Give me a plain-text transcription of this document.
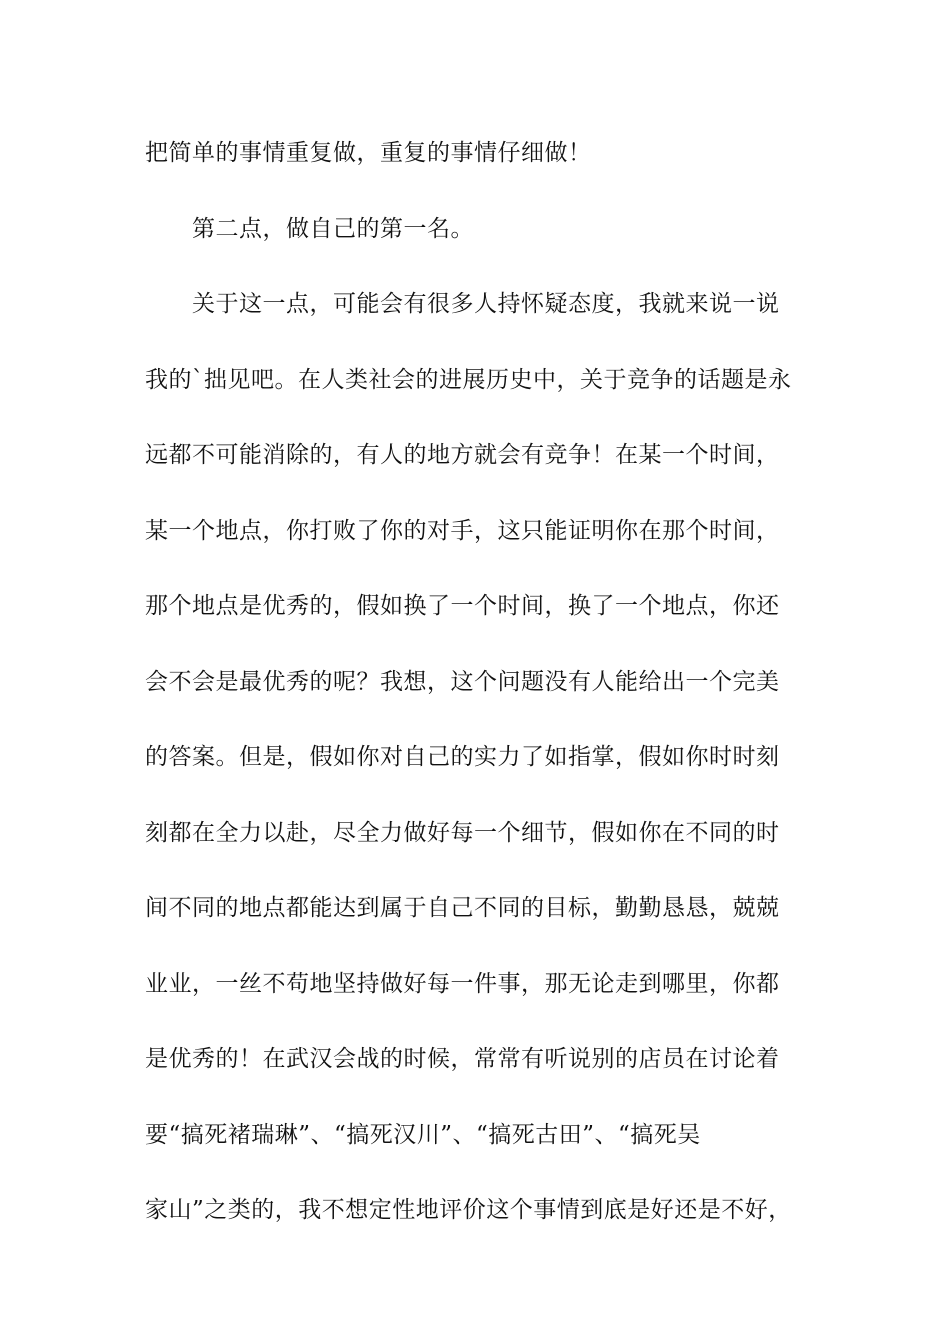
把简单的事情重复做，重复的事情仔细做！
第二点，做自己的第一名。
关于这一点，可能会有很多人持怀疑态度，我就来说一说
我的`拙见吧。在人类社会的进展历史中，关于竞争的话题是永
远都不可能消除的，有人的地方就会有竞争！在某一个时间，
某一个地点，你打败了你的对手，这只能证明你在那个时间，
那个地点是优秀的，假如换了一个时间，换了一个地点，你还
会不会是最优秀的呢？我想，这个问题没有人能给出一个完美
的答案。但是，假如你对自己的实力了如指掌，假如你时时刻
刻都在全力以赴，尽全力做好每一个细节，假如你在不同的时
间不同的地点都能达到属于自己不同的目标，勤勤恳恳，兢兢
业业，一丝不苟地坚持做好每一件事，那无论走到哪里，你都
是优秀的！在武汉会战的时候，常常有听说别的店员在讨论着
要“搞死褚瑞琳”、“搞死汉川”、“搞死古田”、“搞死吴
家山”之类的，我不想定性地评价这个事情到底是好还是不好，
